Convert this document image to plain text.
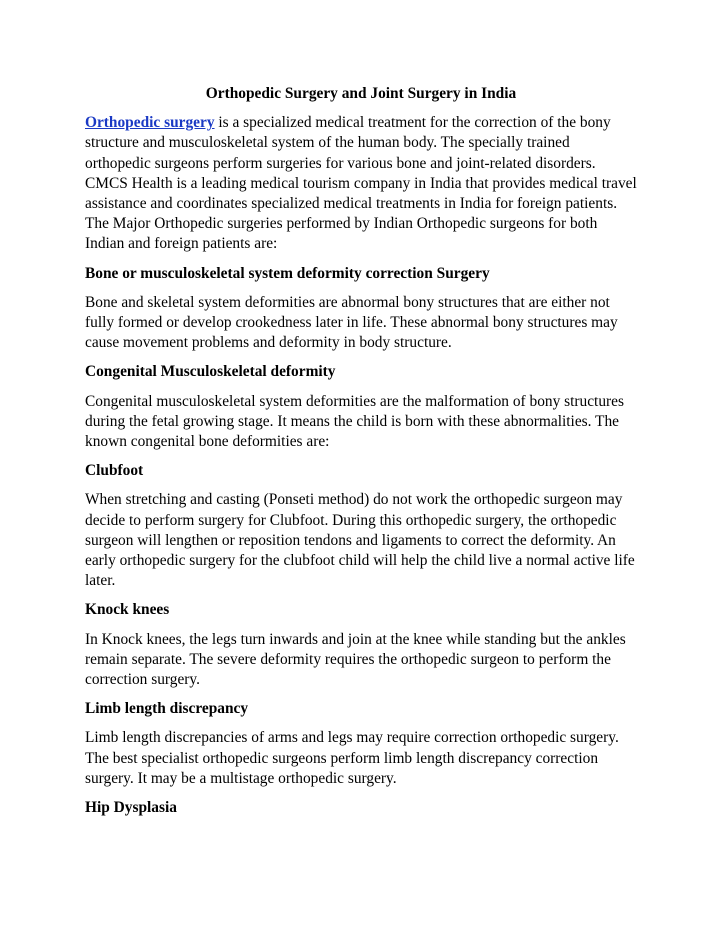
Orthopedic Surgery and Joint Surgery in India

Orthopedic surgery is a specialized medical treatment for the correction of the bony structure and musculoskeletal system of the human body. The specially trained orthopedic surgeons perform surgeries for various bone and joint-related disorders. CMCS Health is a leading medical tourism company in India that provides medical travel assistance and coordinates specialized medical treatments in India for foreign patients. The Major Orthopedic surgeries performed by Indian Orthopedic surgeons for both Indian and foreign patients are:

Bone or musculoskeletal system deformity correction Surgery

Bone and skeletal system deformities are abnormal bony structures that are either not fully formed or develop crookedness later in life. These abnormal bony structures may cause movement problems and deformity in body structure.

Congenital Musculoskeletal deformity

Congenital musculoskeletal system deformities are the malformation of bony structures during the fetal growing stage. It means the child is born with these abnormalities. The known congenital bone deformities are:

Clubfoot

When stretching and casting (Ponseti method) do not work the orthopedic surgeon may decide to perform surgery for Clubfoot. During this orthopedic surgery, the orthopedic surgeon will lengthen or reposition tendons and ligaments to correct the deformity. An early orthopedic surgery for the clubfoot child will help the child live a normal active life later.

Knock knees

In Knock knees, the legs turn inwards and join at the knee while standing but the ankles remain separate. The severe deformity requires the orthopedic surgeon to perform the correction surgery.

Limb length discrepancy

Limb length discrepancies of arms and legs may require correction orthopedic surgery. The best specialist orthopedic surgeons perform limb length discrepancy correction surgery. It may be a multistage orthopedic surgery.

Hip Dysplasia
